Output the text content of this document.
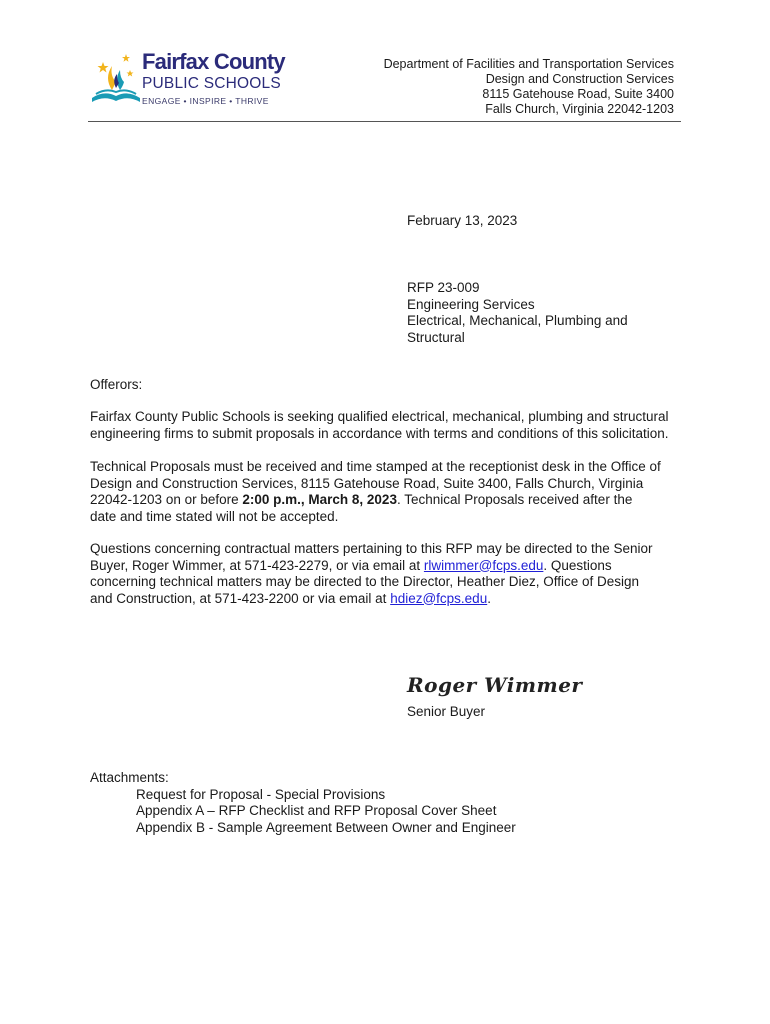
Fairfax County
PUBLIC SCHOOLS
ENGAGE • INSPIRE • THRIVE
Department of Facilities and Transportation Services
Design and Construction Services
8115 Gatehouse Road, Suite 3400
Falls Church, Virginia 22042-1203
February 13, 2023
RFP 23-009
Engineering Services
Electrical, Mechanical, Plumbing and
Structural
Offerors:
Fairfax County Public Schools is seeking qualified electrical, mechanical, plumbing and structural
engineering firms to submit proposals in accordance with terms and conditions of this solicitation.
Technical Proposals must be received and time stamped at the receptionist desk in the Office of
Design and Construction Services, 8115 Gatehouse Road, Suite 3400, Falls Church, Virginia
22042-1203 on or before 2:00 p.m., March 8, 2023. Technical Proposals received after the
date and time stated will not be accepted.
Questions concerning contractual matters pertaining to this RFP may be directed to the Senior
Buyer, Roger Wimmer, at 571-423-2279, or via email at rlwimmer@fcps.edu. Questions
concerning technical matters may be directed to the Director, Heather Diez, Office of Design
and Construction, at 571-423-2200 or via email at hdiez@fcps.edu.
Roger Wimmer
Senior Buyer
Attachments:
Request for Proposal - Special Provisions
Appendix A – RFP Checklist and RFP Proposal Cover Sheet
Appendix B - Sample Agreement Between Owner and Engineer
